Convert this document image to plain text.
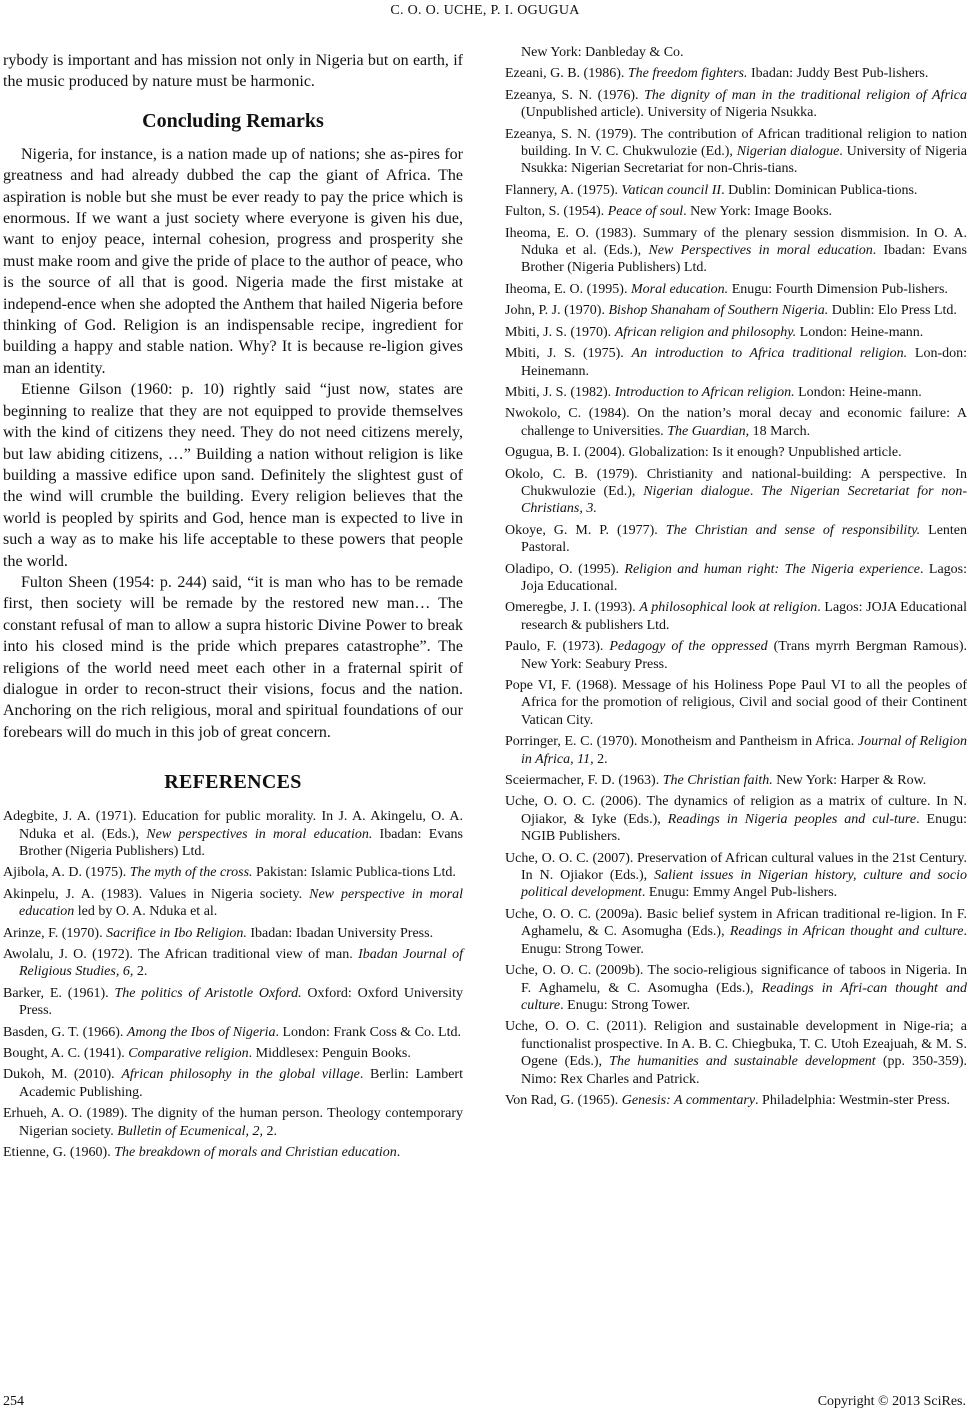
C. O. O. UCHE, P. I. OGUGUA

rybody is important and has mission not only in Nigeria but on earth, if the music produced by nature must be harmonic.

Concluding Remarks

Nigeria, for instance, is a nation made up of nations; she as-pires for greatness and had already dubbed the cap the giant of Africa. The aspiration is noble but she must be ever ready to pay the price which is enormous. If we want a just society where everyone is given his due, want to enjoy peace, internal cohesion, progress and prosperity she must make room and give the pride of place to the author of peace, who is the source of all that is good. Nigeria made the first mistake at independ-ence when she adopted the Anthem that hailed Nigeria before thinking of God. Religion is an indispensable recipe, ingredient for building a happy and stable nation. Why? It is because re-ligion gives man an identity.

Etienne Gilson (1960: p. 10) rightly said “just now, states are beginning to realize that they are not equipped to provide themselves with the kind of citizens they need. They do not need citizens merely, but law abiding citizens, …” Building a nation without religion is like building a massive edifice upon sand. Definitely the slightest gust of the wind will crumble the building. Every religion believes that the world is peopled by spirits and God, hence man is expected to live in such a way as to make his life acceptable to these powers that people the world.

Fulton Sheen (1954: p. 244) said, “it is man who has to be remade first, then society will be remade by the restored new man… The constant refusal of man to allow a supra historic Divine Power to break into his closed mind is the pride which prepares catastrophe”. The religions of the world need meet each other in a fraternal spirit of dialogue in order to recon-struct their visions, focus and the nation. Anchoring on the rich religious, moral and spiritual foundations of our forebears will do much in this job of great concern.

REFERENCES

Adegbite, J. A. (1971). Education for public morality. In J. A. Akingelu, O. A. Nduka et al. (Eds.), New perspectives in moral education. Ibadan: Evans Brother (Nigeria Publishers) Ltd.

Ajibola, A. D. (1975). The myth of the cross. Pakistan: Islamic Publica-tions Ltd.

Akinpelu, J. A. (1983). Values in Nigeria society. New perspective in moral education led by O. A. Nduka et al.

Arinze, F. (1970). Sacrifice in Ibo Religion. Ibadan: Ibadan University Press.

Awolalu, J. O. (1972). The African traditional view of man. Ibadan Journal of Religious Studies, 6, 2.

Barker, E. (1961). The politics of Aristotle Oxford. Oxford: Oxford University Press.

Basden, G. T. (1966). Among the Ibos of Nigeria. London: Frank Coss & Co. Ltd.

Bought, A. C. (1941). Comparative religion. Middlesex: Penguin Books.

Dukoh, M. (2010). African philosophy in the global village. Berlin: Lambert Academic Publishing.

Erhueh, A. O. (1989). The dignity of the human person. Theology contemporary Nigerian society. Bulletin of Ecumenical, 2, 2.

Etienne, G. (1960). The breakdown of morals and Christian education.

New York: Danbleday & Co.

Ezeani, G. B. (1986). The freedom fighters. Ibadan: Juddy Best Pub-lishers.

Ezeanya, S. N. (1976). The dignity of man in the traditional religion of Africa (Unpublished article). University of Nigeria Nsukka.

Ezeanya, S. N. (1979). The contribution of African traditional religion to nation building. In V. C. Chukwulozie (Ed.), Nigerian dialogue. University of Nigeria Nsukka: Nigerian Secretariat for non-Chris-tians.

Flannery, A. (1975). Vatican council II. Dublin: Dominican Publica-tions.

Fulton, S. (1954). Peace of soul. New York: Image Books.

Iheoma, E. O. (1983). Summary of the plenary session dismmision. In O. A. Nduka et al. (Eds.), New Perspectives in moral education. Ibadan: Evans Brother (Nigeria Publishers) Ltd.

Iheoma, E. O. (1995). Moral education. Enugu: Fourth Dimension Pub-lishers.

John, P. J. (1970). Bishop Shanaham of Southern Nigeria. Dublin: Elo Press Ltd.

Mbiti, J. S. (1970). African religion and philosophy. London: Heine-mann.

Mbiti, J. S. (1975). An introduction to Africa traditional religion. Lon-don: Heinemann.

Mbiti, J. S. (1982). Introduction to African religion. London: Heine-mann.

Nwokolo, C. (1984). On the nation’s moral decay and economic failure: A challenge to Universities. The Guardian, 18 March.

Ogugua, B. I. (2004). Globalization: Is it enough? Unpublished article.

Okolo, C. B. (1979). Christianity and national-building: A perspective. In Chukwulozie (Ed.), Nigerian dialogue. The Nigerian Secretariat for non-Christians, 3.

Okoye, G. M. P. (1977). The Christian and sense of responsibility. Lenten Pastoral.

Oladipo, O. (1995). Religion and human right: The Nigeria experience. Lagos: Joja Educational.

Omeregbe, J. I. (1993). A philosophical look at religion. Lagos: JOJA Educational research & publishers Ltd.

Paulo, F. (1973). Pedagogy of the oppressed (Trans myrrh Bergman Ramous). New York: Seabury Press.

Pope VI, F. (1968). Message of his Holiness Pope Paul VI to all the peoples of Africa for the promotion of religious, Civil and social good of their Continent Vatican City.

Porringer, E. C. (1970). Monotheism and Pantheism in Africa. Journal of Religion in Africa, 11, 2.

Sceiermacher, F. D. (1963). The Christian faith. New York: Harper & Row.

Uche, O. O. C. (2006). The dynamics of religion as a matrix of culture. In N. Ojiakor, & Iyke (Eds.), Readings in Nigeria peoples and cul-ture. Enugu: NGIB Publishers.

Uche, O. O. C. (2007). Preservation of African cultural values in the 21st Century. In N. Ojiakor (Eds.), Salient issues in Nigerian history, culture and socio political development. Enugu: Emmy Angel Pub-lishers.

Uche, O. O. C. (2009a). Basic belief system in African traditional re-ligion. In F. Aghamelu, & C. Asomugha (Eds.), Readings in African thought and culture. Enugu: Strong Tower.

Uche, O. O. C. (2009b). The socio-religious significance of taboos in Nigeria. In F. Aghamelu, & C. Asomugha (Eds.), Readings in Afri-can thought and culture. Enugu: Strong Tower.

Uche, O. O. C. (2011). Religion and sustainable development in Nige-ria; a functionalist prospective. In A. B. C. Chiegbuka, T. C. Utoh Ezeajuah, & M. S. Ogene (Eds.), The humanities and sustainable development (pp. 350-359). Nimo: Rex Charles and Patrick.

Von Rad, G. (1965). Genesis: A commentary. Philadelphia: Westmin-ster Press.

254	Copyright © 2013 SciRes.
